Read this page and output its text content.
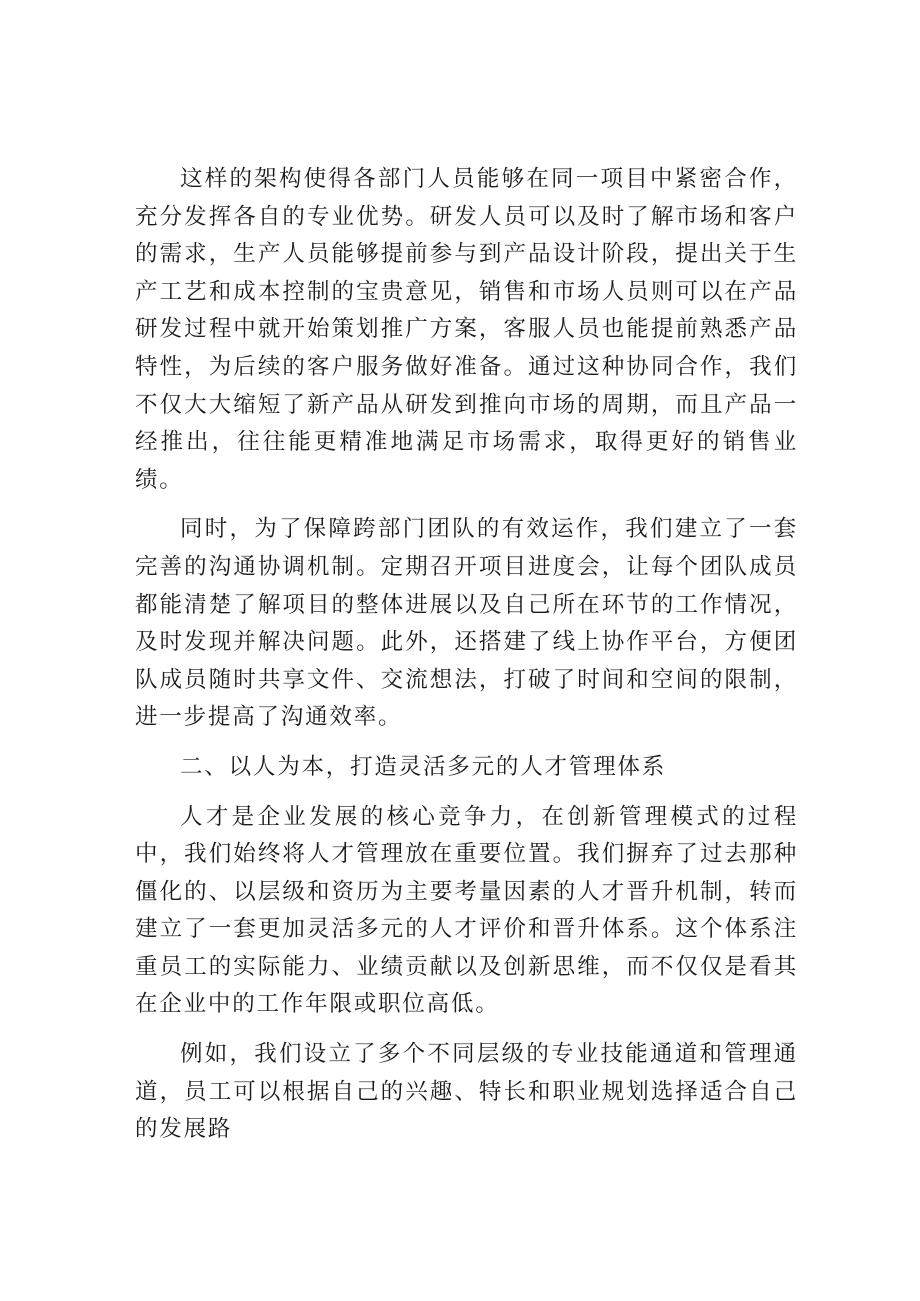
这样的架构使得各部门人员能够在同一项目中紧密合作，充分发挥各自的专业优势。研发人员可以及时了解市场和客户的需求，生产人员能够提前参与到产品设计阶段，提出关于生产工艺和成本控制的宝贵意见，销售和市场人员则可以在产品研发过程中就开始策划推广方案，客服人员也能提前熟悉产品特性，为后续的客户服务做好准备。通过这种协同合作，我们不仅大大缩短了新产品从研发到推向市场的周期，而且产品一经推出，往往能更精准地满足市场需求，取得更好的销售业绩。

同时，为了保障跨部门团队的有效运作，我们建立了一套完善的沟通协调机制。定期召开项目进度会，让每个团队成员都能清楚了解项目的整体进展以及自己所在环节的工作情况，及时发现并解决问题。此外，还搭建了线上协作平台，方便团队成员随时共享文件、交流想法，打破了时间和空间的限制，进一步提高了沟通效率。

二、以人为本，打造灵活多元的人才管理体系

人才是企业发展的核心竞争力，在创新管理模式的过程中，我们始终将人才管理放在重要位置。我们摒弃了过去那种僵化的、以层级和资历为主要考量因素的人才晋升机制，转而建立了一套更加灵活多元的人才评价和晋升体系。这个体系注重员工的实际能力、业绩贡献以及创新思维，而不仅仅是看其在企业中的工作年限或职位高低。

例如，我们设立了多个不同层级的专业技能通道和管理通道，员工可以根据自己的兴趣、特长和职业规划选择适合自己的发展路
